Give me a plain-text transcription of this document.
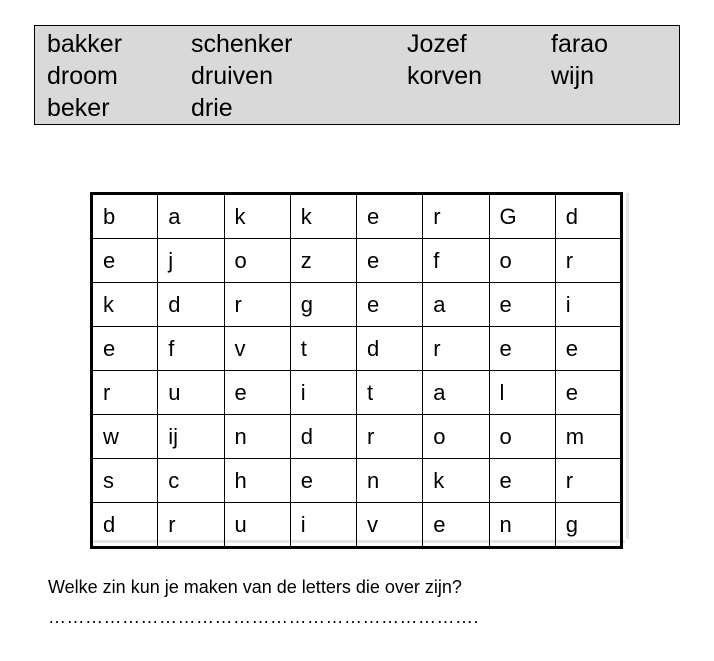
bakker	schenker	Jozef	farao
droom	druiven	korven	wijn
beker	drie
b	a	k	k	e	r	G	d
e	j	o	z	e	f	o	r
k	d	r	g	e	a	e	i
e	f	v	t	d	r	e	e
r	u	e	i	t	a	l	e
w	ij	n	d	r	o	o	m
s	c	h	e	n	k	e	r
d	r	u	i	v	e	n	g
Welke zin kun je maken van de letters die over zijn?
…………………………………………………………….
